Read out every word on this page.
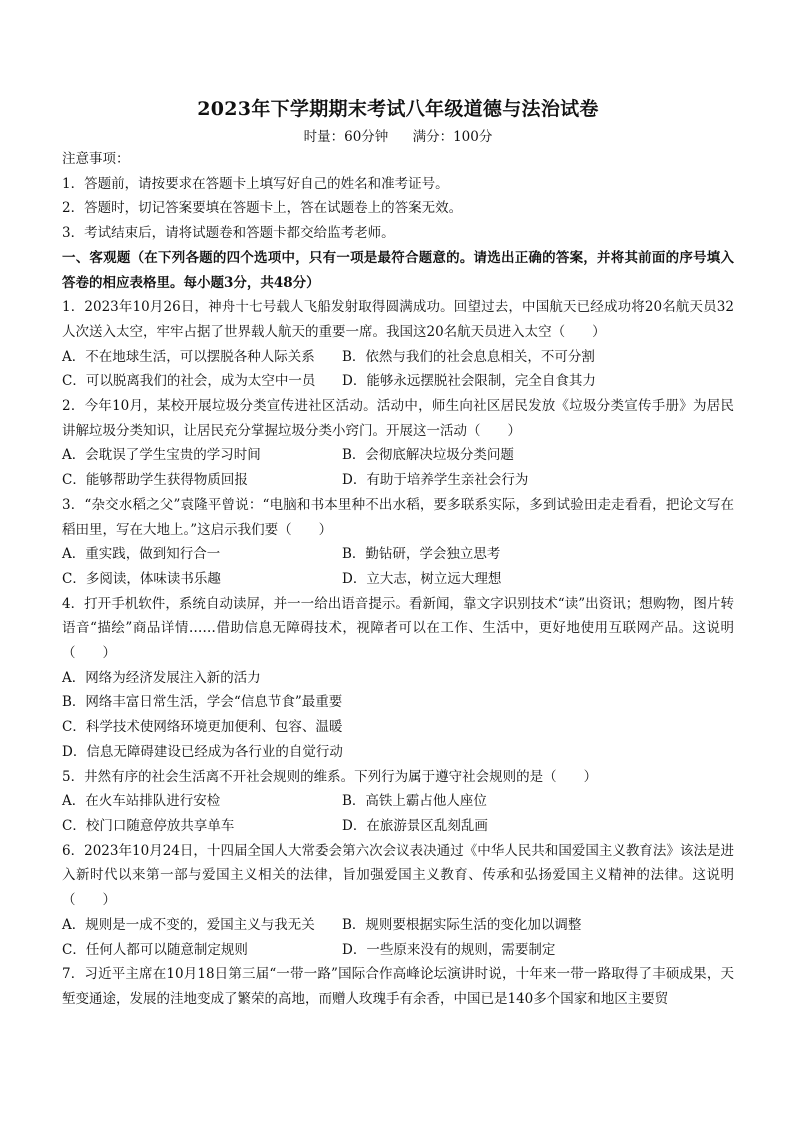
2023年下学期期末考试八年级道德与法治试卷
时量：60分钟 满分：100分
注意事项：
1．答题前，请按要求在答题卡上填写好自己的姓名和准考证号。
2．答题时，切记答案要填在答题卡上，答在试题卷上的答案无效。
3．考试结束后，请将试题卷和答题卡都交给监考老师。
一、客观题（在下列各题的四个选项中，只有一项是最符合题意的。请选出正确的答案，并将其前面的序号填入答卷的相应表格里。每小题3分，共48分）
1．2023年10月26日，神舟十七号载人飞船发射取得圆满成功。回望过去，中国航天已经成功将20名航天员32人次送入太空，牢牢占据了世界载人航天的重要一席。我国这20名航天员进入太空（　　）
A．不在地球生活，可以摆脱各种人际关系	B．依然与我们的社会息息相关，不可分割
C．可以脱离我们的社会，成为太空中一员	D．能够永远摆脱社会限制，完全自食其力
2．今年10月，某校开展垃圾分类宣传进社区活动。活动中，师生向社区居民发放《垃圾分类宣传手册》为居民讲解垃圾分类知识，让居民充分掌握垃圾分类小窍门。开展这一活动（　　）
A．会耽误了学生宝贵的学习时间	B．会彻底解决垃圾分类问题
C．能够帮助学生获得物质回报	D．有助于培养学生亲社会行为
3．“杂交水稻之父”袁隆平曾说：“电脑和书本里种不出水稻，要多联系实际，多到试验田走走看看，把论文写在稻田里，写在大地上。”这启示我们要（　　）
A．重实践，做到知行合一	B．勤钻研，学会独立思考
C．多阅读，体味读书乐趣	D．立大志，树立远大理想
4．打开手机软件，系统自动读屏，并一一给出语音提示。看新闻，靠文字识别技术“读”出资讯；想购物，图片转语音“描绘”商品详情……借助信息无障碍技术，视障者可以在工作、生活中，更好地使用互联网产品。这说明（　　）
A．网络为经济发展注入新的活力
B．网络丰富日常生活，学会“信息节食”最重要
C．科学技术使网络环境更加便利、包容、温暖
D．信息无障碍建设已经成为各行业的自觉行动
5．井然有序的社会生活离不开社会规则的维系。下列行为属于遵守社会规则的是（　　）
A．在火车站排队进行安检	B．高铁上霸占他人座位
C．校门口随意停放共享单车	D．在旅游景区乱刻乱画
6．2023年10月24日，十四届全国人大常委会第六次会议表决通过《中华人民共和国爱国主义教育法》该法是进入新时代以来第一部与爱国主义相关的法律，旨加强爱国主义教育、传承和弘扬爱国主义精神的法律。这说明（　　）
A．规则是一成不变的，爱国主义与我无关	B．规则要根据实际生活的变化加以调整
C．任何人都可以随意制定规则	D．一些原来没有的规则，需要制定
7．习近平主席在10月18日第三届“一带一路”国际合作高峰论坛演讲时说，十年来一带一路取得了丰硕成果，天堑变通途，发展的洼地变成了繁荣的高地，而赠人玫瑰手有余香，中国已是140多个国家和地区主要贸
